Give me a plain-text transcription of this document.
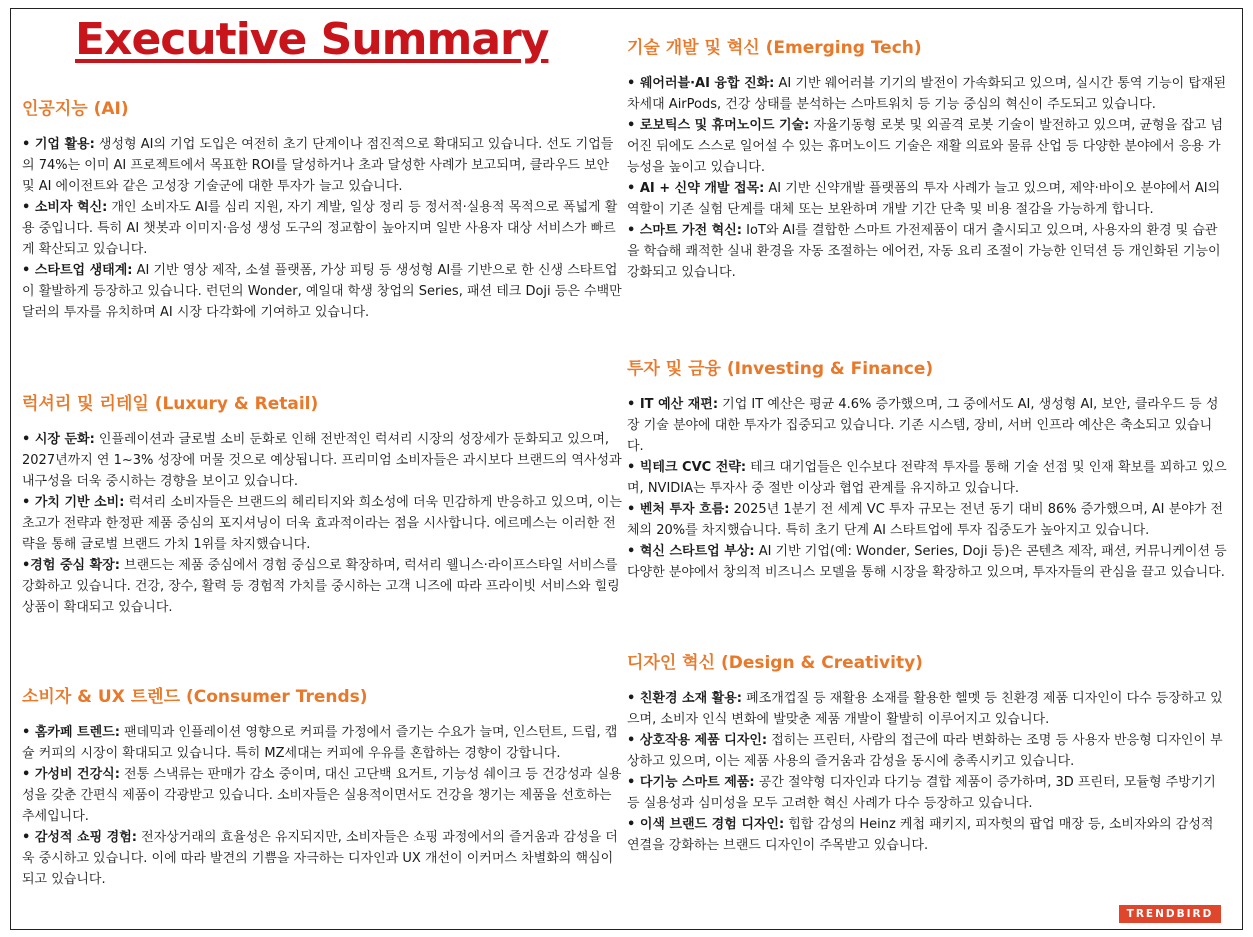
Executive Summary
인공지능 (AI)
• 기업 활용: 생성형 AI의 기업 도입은 여전히 초기 단계이나 점진적으로 확대되고 있습니다. 선도 기업들의 74%는 이미 AI 프로젝트에서 목표한 ROI를 달성하거나 초과 달성한 사례가 보고되며, 클라우드 보안 및 AI 에이전트와 같은 고성장 기술군에 대한 투자가 늘고 있습니다.
• 소비자 혁신: 개인 소비자도 AI를 심리 지원, 자기 계발, 일상 정리 등 정서적·실용적 목적으로 폭넓게 활용 중입니다. 특히 AI 챗봇과 이미지·음성 생성 도구의 정교함이 높아지며 일반 사용자 대상 서비스가 빠르게 확산되고 있습니다.
• 스타트업 생태계: AI 기반 영상 제작, 소셜 플랫폼, 가상 피팅 등 생성형 AI를 기반으로 한 신생 스타트업이 활발하게 등장하고 있습니다. 런던의 Wonder, 예일대 학생 창업의 Series, 패션 테크 Doji 등은 수백만 달러의 투자를 유치하며 AI 시장 다각화에 기여하고 있습니다.
럭셔리 및 리테일 (Luxury & Retail)
• 시장 둔화: 인플레이션과 글로벌 소비 둔화로 인해 전반적인 럭셔리 시장의 성장세가 둔화되고 있으며, 2027년까지 연 1~3% 성장에 머물 것으로 예상됩니다. 프리미엄 소비자들은 과시보다 브랜드의 역사성과 내구성을 더욱 중시하는 경향을 보이고 있습니다.
• 가치 기반 소비: 럭셔리 소비자들은 브랜드의 헤리티지와 희소성에 더욱 민감하게 반응하고 있으며, 이는 초고가 전략과 한정판 제품 중심의 포지셔닝이 더욱 효과적이라는 점을 시사합니다. 에르메스는 이러한 전략을 통해 글로벌 브랜드 가치 1위를 차지했습니다.
•경험 중심 확장: 브랜드는 제품 중심에서 경험 중심으로 확장하며, 럭셔리 웰니스·라이프스타일 서비스를 강화하고 있습니다. 건강, 장수, 활력 등 경험적 가치를 중시하는 고객 니즈에 따라 프라이빗 서비스와 힐링 상품이 확대되고 있습니다.
소비자 & UX 트렌드 (Consumer Trends)
• 홈카페 트렌드: 팬데믹과 인플레이션 영향으로 커피를 가정에서 즐기는 수요가 늘며, 인스턴트, 드립, 캡슐 커피의 시장이 확대되고 있습니다. 특히 MZ세대는 커피에 우유를 혼합하는 경향이 강합니다.
• 가성비 건강식: 전통 스낵류는 판매가 감소 중이며, 대신 고단백 요거트, 기능성 쉐이크 등 건강성과 실용성을 갖춘 간편식 제품이 각광받고 있습니다. 소비자들은 실용적이면서도 건강을 챙기는 제품을 선호하는 추세입니다.
• 감성적 쇼핑 경험: 전자상거래의 효율성은 유지되지만, 소비자들은 쇼핑 과정에서의 즐거움과 감성을 더욱 중시하고 있습니다. 이에 따라 발견의 기쁨을 자극하는 디자인과 UX 개선이 이커머스 차별화의 핵심이 되고 있습니다.
기술 개발 및 혁신 (Emerging Tech)
• 웨어러블·AI 융합 진화: AI 기반 웨어러블 기기의 발전이 가속화되고 있으며, 실시간 통역 기능이 탑재된 차세대 AirPods, 건강 상태를 분석하는 스마트워치 등 기능 중심의 혁신이 주도되고 있습니다.
• 로보틱스 및 휴머노이드 기술: 자율기동형 로봇 및 외골격 로봇 기술이 발전하고 있으며, 균형을 잡고 넘어진 뒤에도 스스로 일어설 수 있는 휴머노이드 기술은 재활 의료와 물류 산업 등 다양한 분야에서 응용 가능성을 높이고 있습니다.
• AI + 신약 개발 접목: AI 기반 신약개발 플랫폼의 투자 사례가 늘고 있으며, 제약·바이오 분야에서 AI의 역할이 기존 실험 단계를 대체 또는 보완하며 개발 기간 단축 및 비용 절감을 가능하게 합니다.
• 스마트 가전 혁신: IoT와 AI를 결합한 스마트 가전제품이 대거 출시되고 있으며, 사용자의 환경 및 습관을 학습해 쾌적한 실내 환경을 자동 조절하는 에어컨, 자동 요리 조절이 가능한 인덕션 등 개인화된 기능이 강화되고 있습니다.
투자 및 금융 (Investing & Finance)
• IT 예산 재편: 기업 IT 예산은 평균 4.6% 증가했으며, 그 중에서도 AI, 생성형 AI, 보안, 클라우드 등 성장 기술 분야에 대한 투자가 집중되고 있습니다. 기존 시스템, 장비, 서버 인프라 예산은 축소되고 있습니다.
• 빅테크 CVC 전략: 테크 대기업들은 인수보다 전략적 투자를 통해 기술 선점 및 인재 확보를 꾀하고 있으며, NVIDIA는 투자사 중 절반 이상과 협업 관계를 유지하고 있습니다.
• 벤처 투자 흐름: 2025년 1분기 전 세계 VC 투자 규모는 전년 동기 대비 86% 증가했으며, AI 분야가 전체의 20%를 차지했습니다. 특히 초기 단계 AI 스타트업에 투자 집중도가 높아지고 있습니다.
• 혁신 스타트업 부상: AI 기반 기업(예: Wonder, Series, Doji 등)은 콘텐츠 제작, 패션, 커뮤니케이션 등 다양한 분야에서 창의적 비즈니스 모델을 통해 시장을 확장하고 있으며, 투자자들의 관심을 끌고 있습니다.
디자인 혁신 (Design & Creativity)
• 친환경 소재 활용: 폐조개껍질 등 재활용 소재를 활용한 헬멧 등 친환경 제품 디자인이 다수 등장하고 있으며, 소비자 인식 변화에 발맞춘 제품 개발이 활발히 이루어지고 있습니다.
• 상호작용 제품 디자인: 접히는 프린터, 사람의 접근에 따라 변화하는 조명 등 사용자 반응형 디자인이 부상하고 있으며, 이는 제품 사용의 즐거움과 감성을 동시에 충족시키고 있습니다.
• 다기능 스마트 제품: 공간 절약형 디자인과 다기능 결합 제품이 증가하며, 3D 프린터, 모듈형 주방기기 등 실용성과 심미성을 모두 고려한 혁신 사례가 다수 등장하고 있습니다.
• 이색 브랜드 경험 디자인: 힙합 감성의 Heinz 케첩 패키지, 피자헛의 팝업 매장 등, 소비자와의 감성적 연결을 강화하는 브랜드 디자인이 주목받고 있습니다.
TRENDBIRD
